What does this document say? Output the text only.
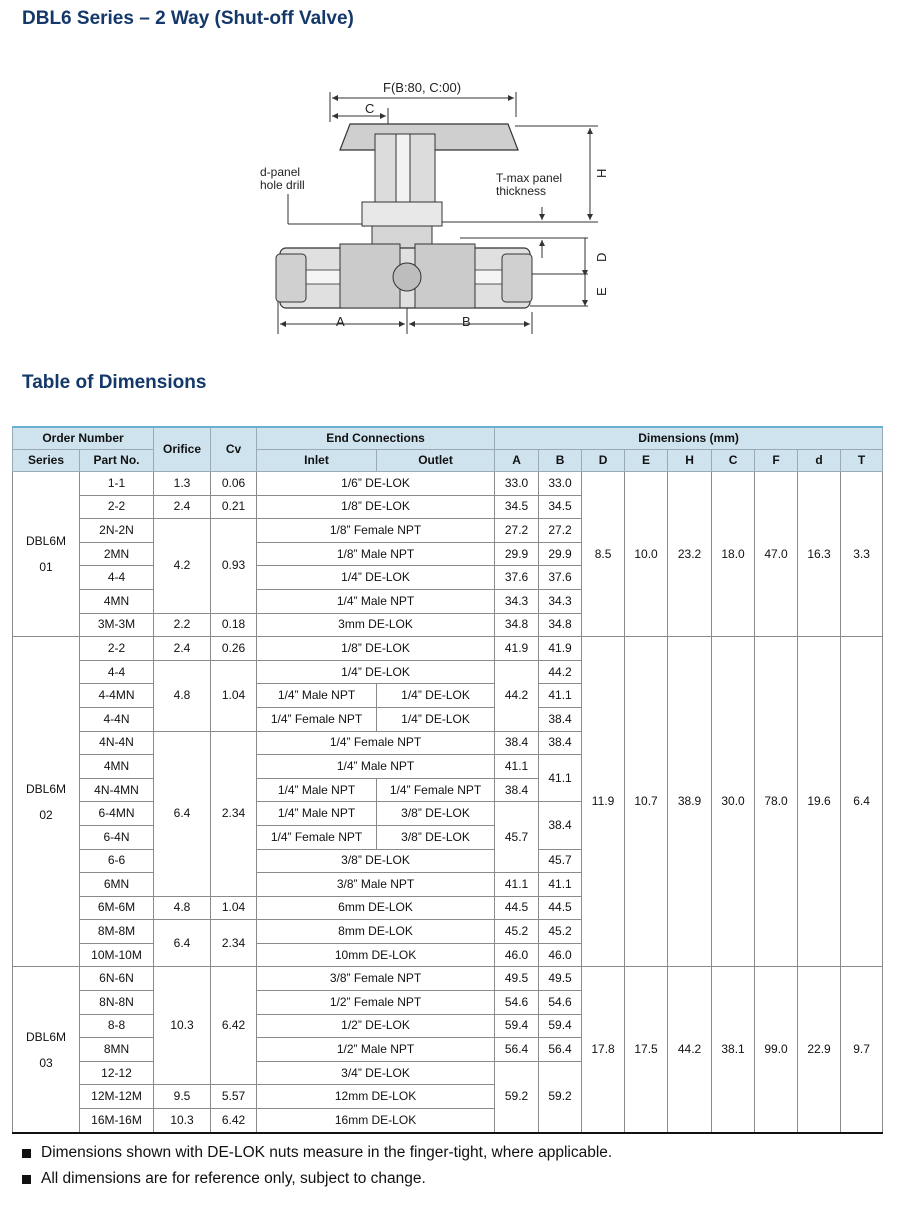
DBL6 Series – 2 Way (Shut-off Valve)
F(B:80, C:00)
C
d-panel
hole drill	T-max panel
thickness
H
D
E
A	B
Table of Dimensions
Order Number		Orifice	Cv	End Connections		Dimensions (mm)								
Series	Part No.			Inlet	Outlet	A	B	D	E	H	C	F	d	T
DBL6M
01	1-1	1.3	0.06	1/6” DE-LOK		33.0	33.0	8.5	10.0	23.2	18.0	47.0	16.3	3.3
	2-2	2.4	0.21	1/8” DE-LOK		34.5	34.5							
	2N-2N	4.2	0.93	1/8” Female NPT		27.2	27.2							
	2MN			1/8” Male NPT		29.9	29.9							
	4-4			1/4” DE-LOK		37.6	37.6							
	4MN			1/4” Male NPT		34.3	34.3							
	3M-3M	2.2	0.18	3mm DE-LOK		34.8	34.8							
DBL6M
02	2-2	2.4	0.26	1/8” DE-LOK		41.9	41.9	11.9	10.7	38.9	30.0	78.0	19.6	6.4
	4-4	4.8	1.04	1/4” DE-LOK		44.2	44.2							
	4-4MN			1/4” Male NPT	1/4” DE-LOK		41.1							
	4-4N			1/4” Female NPT	1/4” DE-LOK		38.4							
	4N-4N	6.4	2.34	1/4” Female NPT		38.4	38.4							
	4MN			1/4” Male NPT		41.1	41.1							
	4N-4MN			1/4” Male NPT	1/4” Female NPT	38.4								
	6-4MN			1/4” Male NPT	3/8” DE-LOK	45.7	38.4							
	6-4N			1/4” Female NPT	3/8” DE-LOK									
	6-6			3/8” DE-LOK			45.7							
	6MN			3/8” Male NPT		41.1	41.1							
	6M-6M	4.8	1.04	6mm DE-LOK		44.5	44.5							
	8M-8M	6.4	2.34	8mm DE-LOK		45.2	45.2							
	10M-10M			10mm DE-LOK		46.0	46.0							
DBL6M
03	6N-6N	10.3	6.42	3/8” Female NPT		49.5	49.5	17.8	17.5	44.2	38.1	99.0	22.9	9.7
	8N-8N			1/2” Female NPT		54.6	54.6							
	8-8			1/2” DE-LOK		59.4	59.4							
	8MN			1/2” Male NPT		56.4	56.4							
	12-12			3/4” DE-LOK		59.2	59.2							
	12M-12M	9.5	5.57	12mm DE-LOK										
	16M-16M	10.3	6.42	16mm DE-LOK										
Dimensions shown with DE-LOK nuts measure in the finger-tight, where applicable.
All dimensions are for reference only, subject to change.
